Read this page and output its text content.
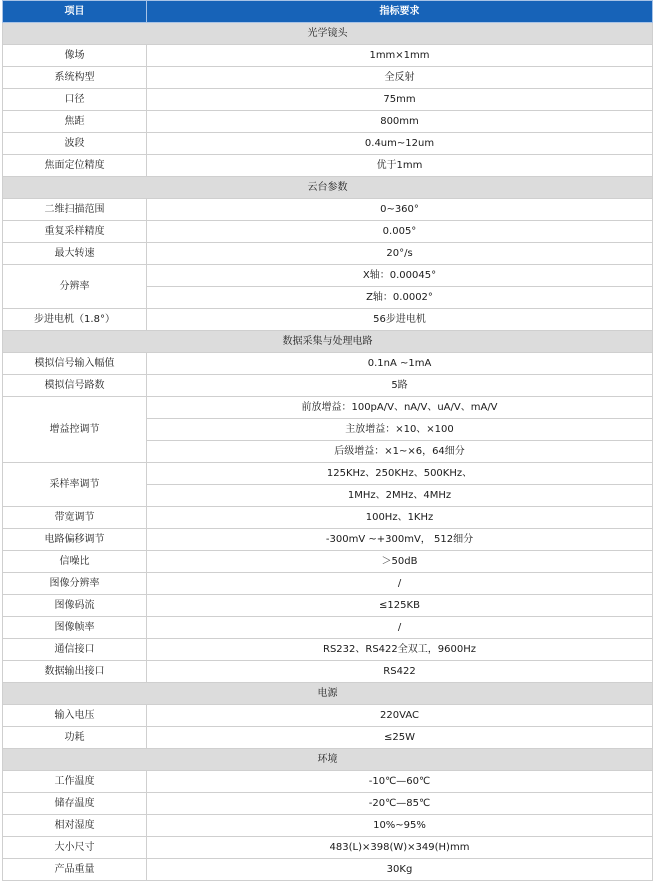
项目	指标要求
光学镜头	
像场	1mm×1mm
系统构型	全反射
口径	75mm
焦距	800mm
波段	0.4um~12um
焦面定位精度	优于1mm
云台参数	
二维扫描范围	0~360°
重复采样精度	0.005°
最大转速	20°/s
分辨率	X轴：0.00045°
	Z轴：0.0002°
步进电机（1.8°）	56步进电机
数据采集与处理电路	
模拟信号输入幅值	0.1nA ~1mA
模拟信号路数	5路
增益控调节	前放增益：100pA/V、nA/V、uA/V、mA/V
	主放增益：×10、×100
	后级增益：×1~×6，64细分
采样率调节	125KHz、250KHz、500KHz、
	1MHz、2MHz、4MHz
带宽调节	100Hz、1KHz
电路偏移调节	-300mV ~+300mV， 512细分
信噪比	＞50dB
图像分辨率	/
图像码流	≤125KB
图像帧率	/
通信接口	RS232、RS422全双工，9600Hz
数据输出接口	RS422
电源	
输入电压	220VAC
功耗	≤25W
环境	
工作温度	-10℃—60℃
储存温度	-20℃—85℃
相对湿度	10%~95%
大小尺寸	483(L)×398(W)×349(H)mm
产品重量	30Kg
